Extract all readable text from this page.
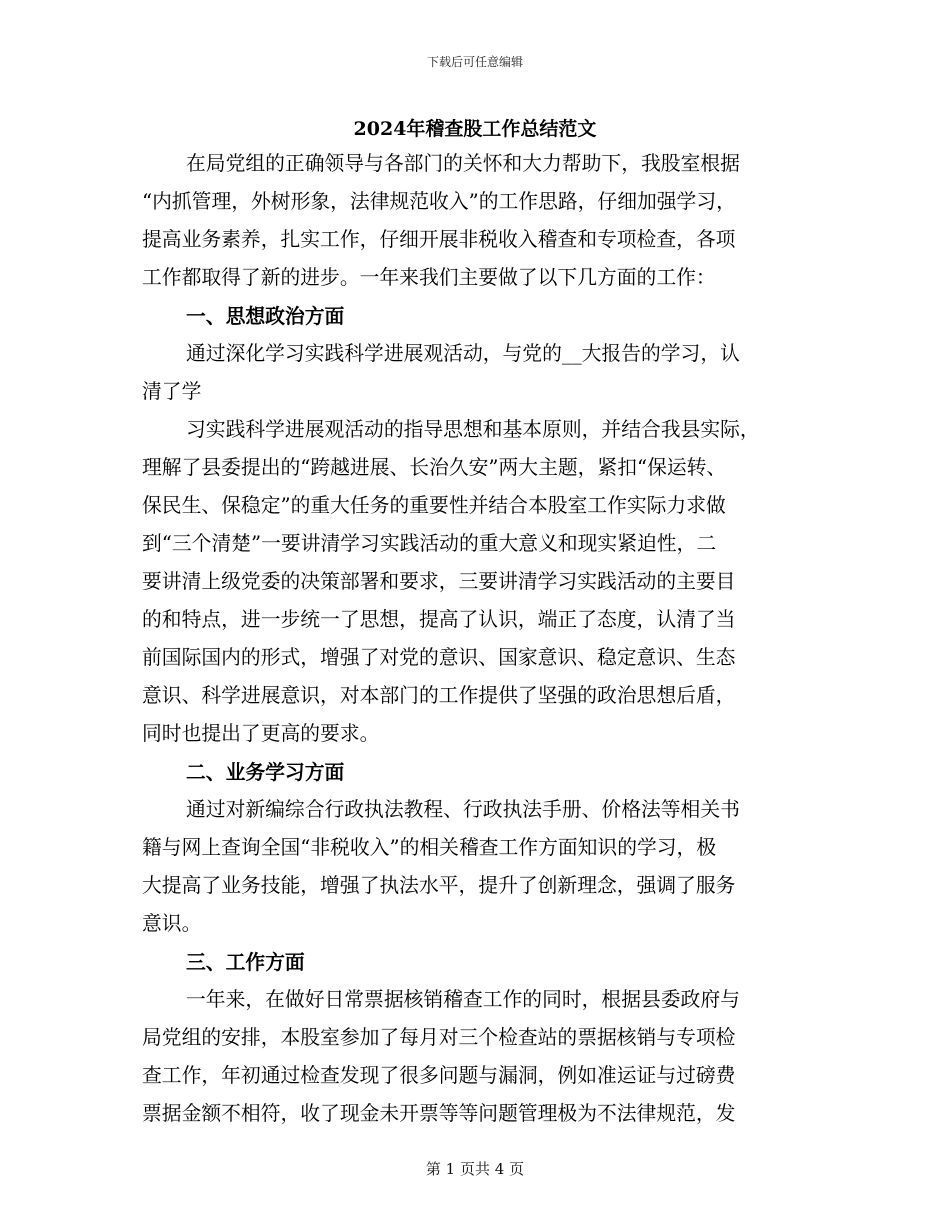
下载后可任意编辑
2024年稽查股工作总结范文
在局党组的正确领导与各部门的关怀和大力帮助下，我股室根据
“内抓管理，外树形象，法律规范收入”的工作思路，仔细加强学习，
提高业务素养，扎实工作，仔细开展非税收入稽查和专项检查，各项
工作都取得了新的进步。一年来我们主要做了以下几方面的工作：
一、思想政治方面
通过深化学习实践科学进展观活动，与党的__大报告的学习，认
清了学
习实践科学进展观活动的指导思想和基本原则，并结合我县实际，
理解了县委提出的“跨越进展、长治久安”两大主题，紧扣“保运转、
保民生、保稳定”的重大任务的重要性并结合本股室工作实际力求做
到“三个清楚”一要讲清学习实践活动的重大意义和现实紧迫性，二
要讲清上级党委的决策部署和要求，三要讲清学习实践活动的主要目
的和特点，进一步统一了思想，提高了认识，端正了态度，认清了当
前国际国内的形式，增强了对党的意识、国家意识、稳定意识、生态
意识、科学进展意识，对本部门的工作提供了坚强的政治思想后盾，
同时也提出了更高的要求。
二、业务学习方面
通过对新编综合行政执法教程、行政执法手册、价格法等相关书
籍与网上查询全国“非税收入”的相关稽查工作方面知识的学习，极
大提高了业务技能，增强了执法水平，提升了创新理念，强调了服务
意识。
三、工作方面
一年来，在做好日常票据核销稽查工作的同时，根据县委政府与
局党组的安排，本股室参加了每月对三个检查站的票据核销与专项检
查工作，年初通过检查发现了很多问题与漏洞，例如准运证与过磅费
票据金额不相符，收了现金未开票等等问题管理极为不法律规范，发
第 1 页共 4 页
